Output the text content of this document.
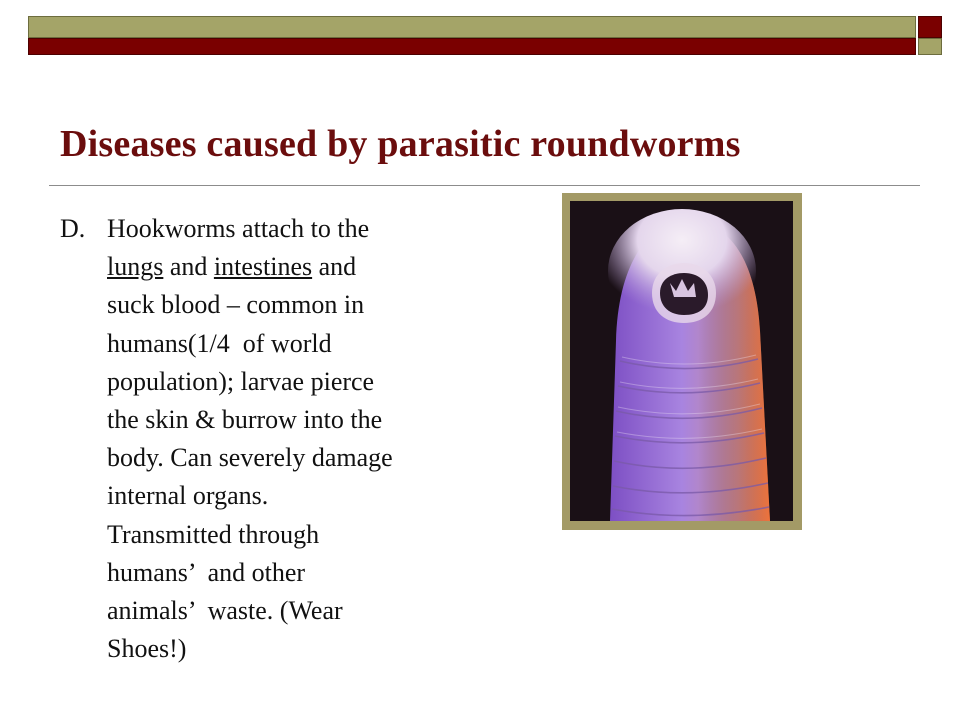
Diseases caused by parasitic roundworms
D. Hookworms attach to the
lungs and intestines and
suck blood – common in
humans(1/4  of world
population); larvae pierce
the skin & burrow into the
body. Can severely damage
internal organs.
Transmitted through
humans’  and other
animals’  waste. (Wear
Shoes!)
